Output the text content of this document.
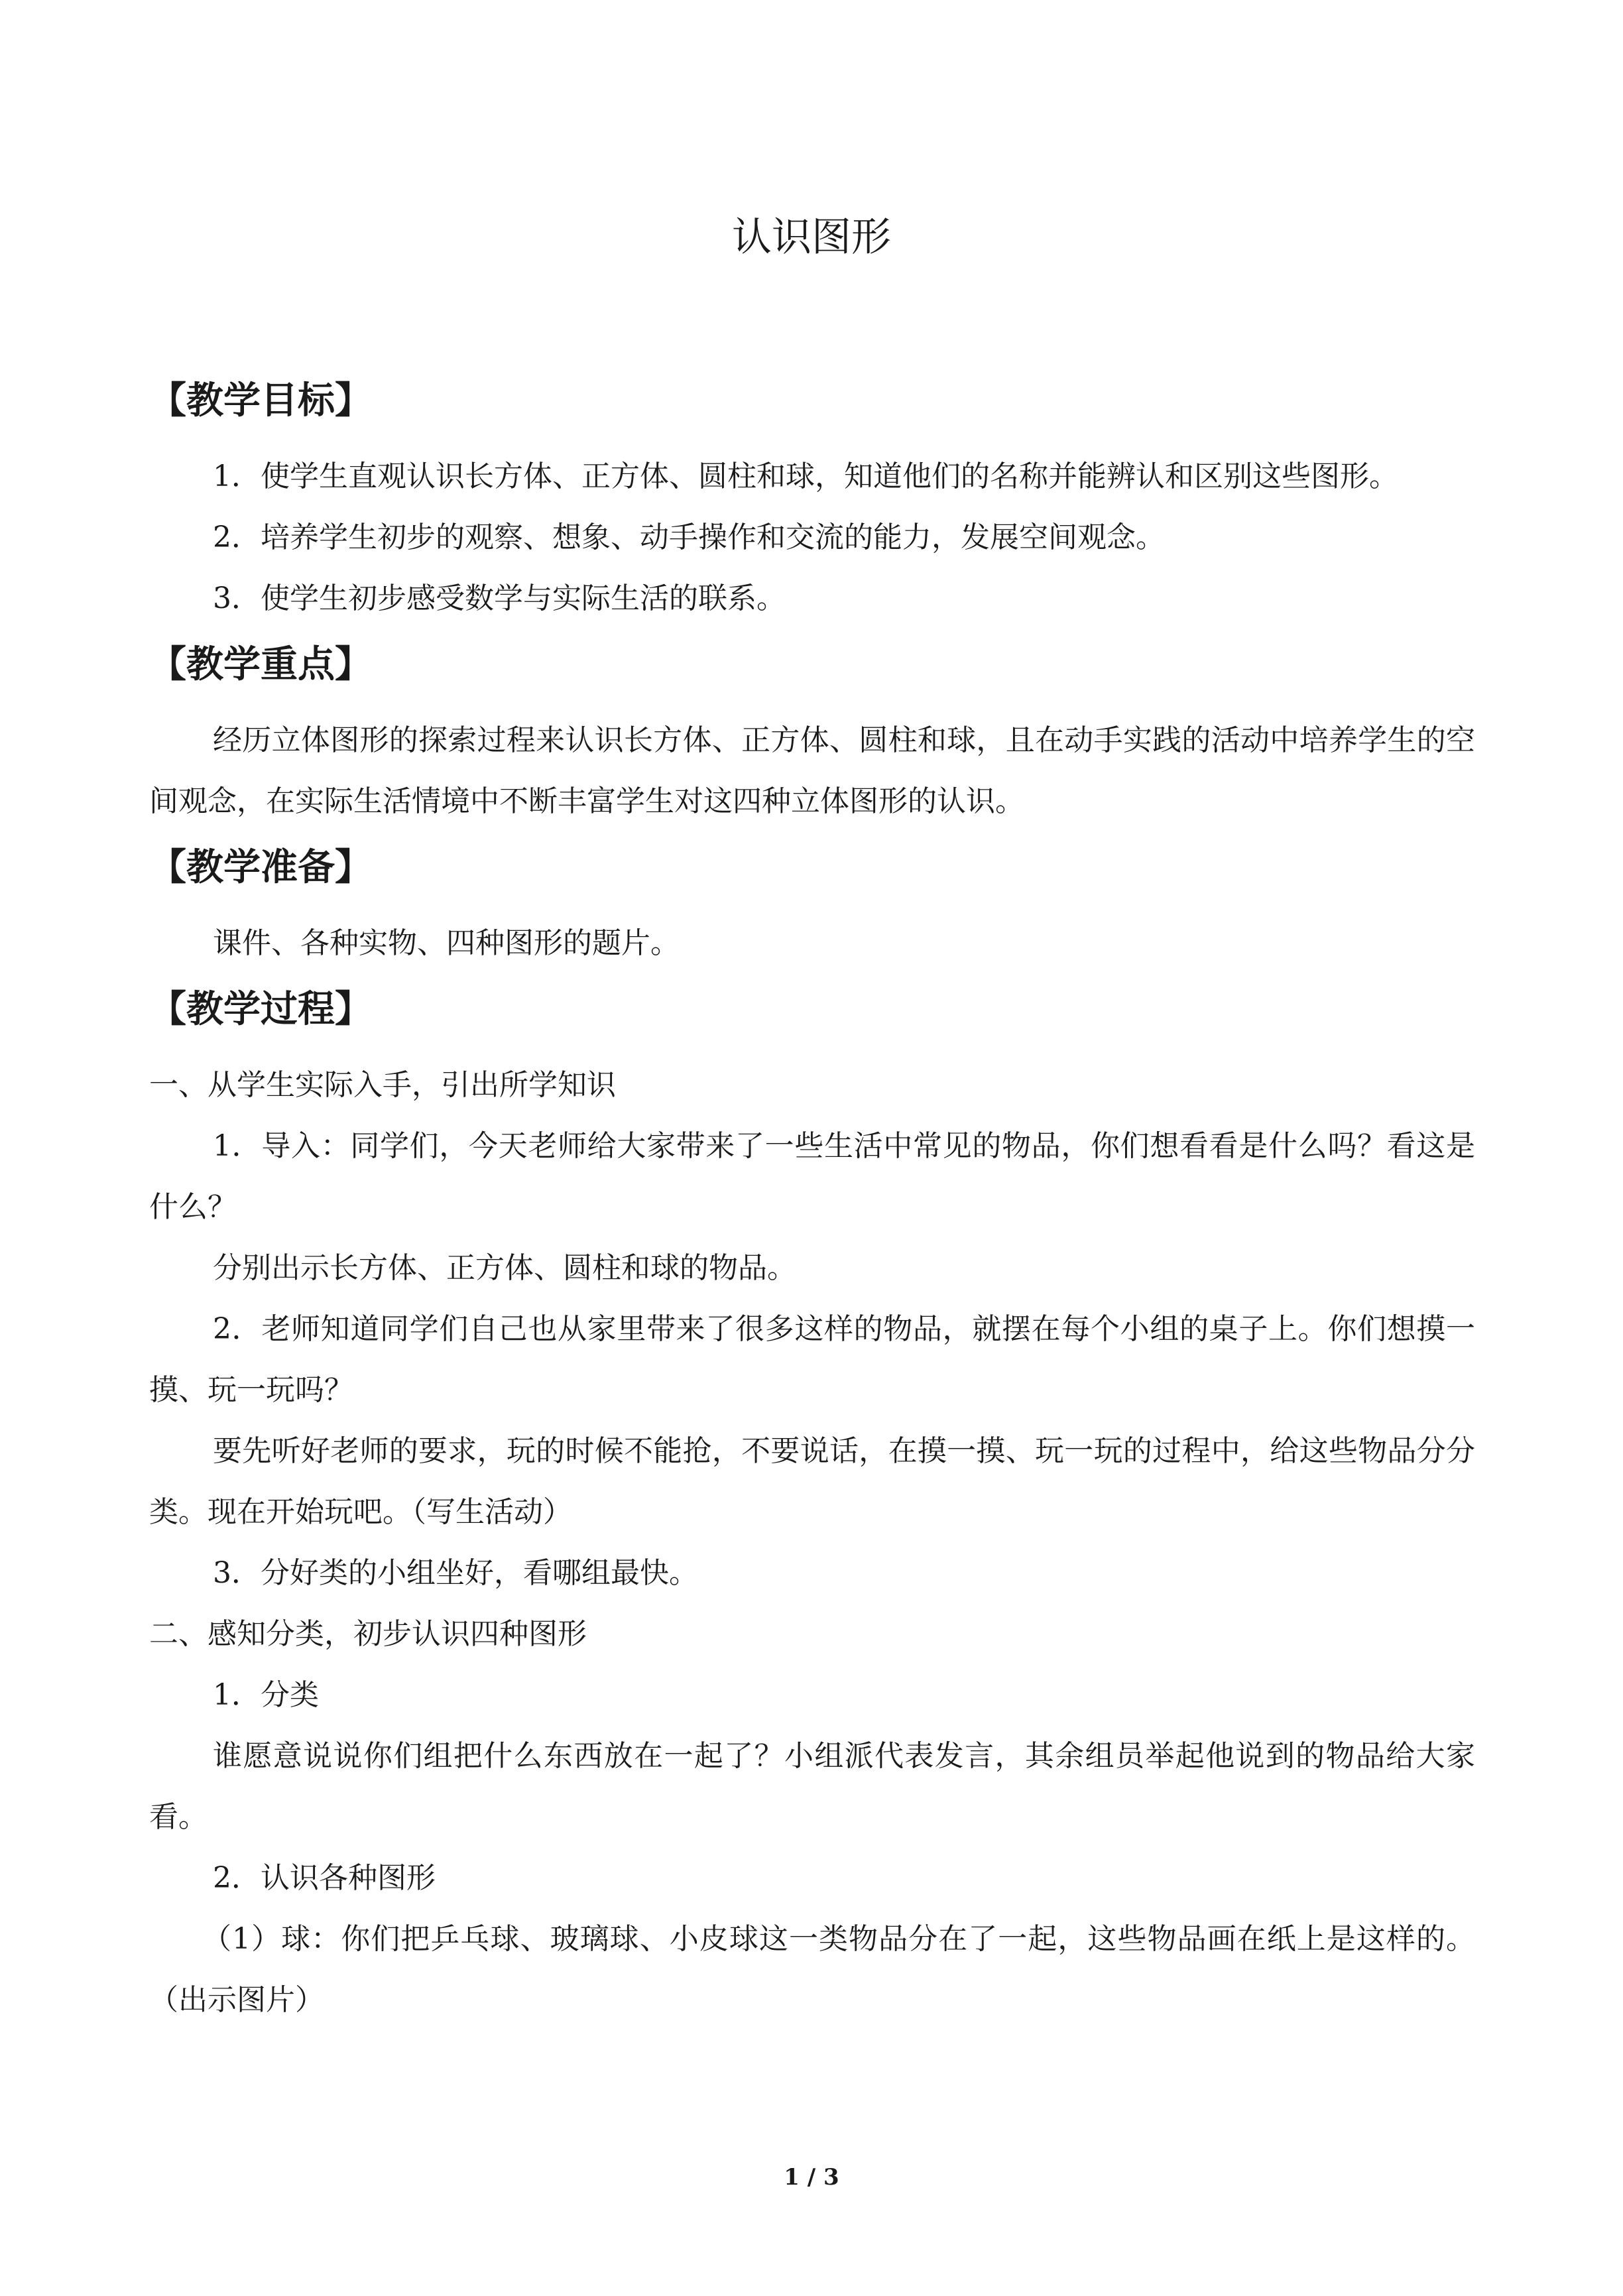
认识图形
【教学目标】

1．使学生直观认识长方体、正方体、圆柱和球，知道他们的名称并能辨认和区别这些图形。

2．培养学生初步的观察、想象、动手操作和交流的能力，发展空间观念。

3．使学生初步感受数学与实际生活的联系。

【教学重点】

经历立体图形的探索过程来认识长方体、正方体、圆柱和球，且在动手实践的活动中培养学生的空间观念，在实际生活情境中不断丰富学生对这四种立体图形的认识。

【教学准备】

课件、各种实物、四种图形的题片。

【教学过程】

一、从学生实际入手，引出所学知识

1．导入：同学们，今天老师给大家带来了一些生活中常见的物品，你们想看看是什么吗？看这是什么？

分别出示长方体、正方体、圆柱和球的物品。

2．老师知道同学们自己也从家里带来了很多这样的物品，就摆在每个小组的桌子上。你们想摸一摸、玩一玩吗？

要先听好老师的要求，玩的时候不能抢，不要说话，在摸一摸、玩一玩的过程中，给这些物品分分类。现在开始玩吧。（写生活动）

3．分好类的小组坐好，看哪组最快。

二、感知分类，初步认识四种图形

1．分类

谁愿意说说你们组把什么东西放在一起了？小组派代表发言，其余组员举起他说到的物品给大家看。

2．认识各种图形

（1）球：你们把乒乓球、玻璃球、小皮球这一类物品分在了一起，这些物品画在纸上是这样的。（出示图片）

1 / 3
